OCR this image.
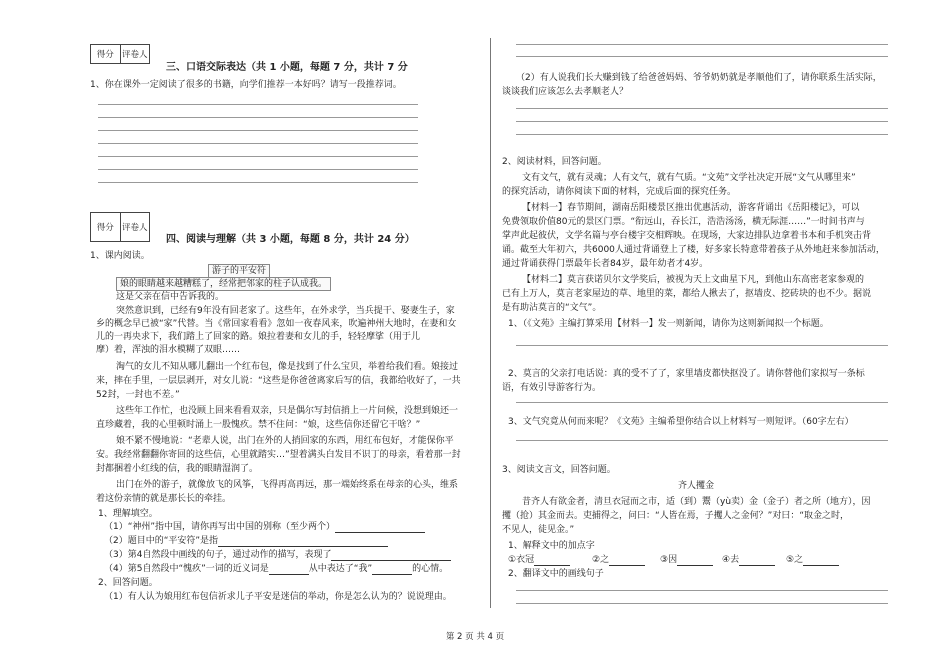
得分 评卷人
三、口语交际表达（共 1 小题，每题 7 分，共计 7 分
1、你在课外一定阅读了很多的书籍，向学们推荐一本好吗？请写一段推荐词。
得分 评卷人
四、阅读与理解（共 3 小题，每题 8 分，共计 24 分）
1、课内阅读。
游子的平安符
娘的眼睛越来越糟糕了，经常把邻家的柱子认成我。
这是父亲在信中告诉我的。
突然意识到，已经有9年没有回老家了。这些年，在外求学，当兵提干、娶妻生子，家
乡的概念早已被“家”代替。当《常回家看看》忽如一夜春风来，吹遍神州大地时，在妻和女
儿的一再央求下，我们踏上了回家的路。娘拉着妻和女儿的手，轻轻摩挲（用于儿
摩）着，浑浊的泪水模糊了双眼……
淘气的女儿不知从哪儿翻出一个红布包，像是找到了什么宝贝，举着给我们看。娘接过
来，摔在手里，一层层剥开，对女儿说：“这些是你爸爸离家后写的信，我都给收好了，一共
52封，一封也不差。”
这些年工作忙，也没顾上回来看看双亲，只是偶尔写封信捎上一片问候，没想到娘还一
直珍藏着，我的心里顿时涌上一股愧疚。禁不住问：“娘，这些信你还留它干啥？”
娘不紧不慢地说：“老辈人说，出门在外的人捎回家的东西，用红布包好，才能保你平
安。我经常翻翻你寄回的这些信，心里就踏实…”望着满头白发目不识丁的母亲，看着那一封
封都捆着小红线的信，我的眼睛湿润了。
出门在外的游子，就像放飞的风筝，飞得再高再远，那一端始终系在母亲的心头，维系
着这份亲情的就是那长长的牵挂。
1、理解填空。
（1）“神州”指中国，请你再写出中国的别称（至少两个）
（2）题目中的“平安符”是指
（3）第4自然段中画线的句子，通过动作的描写，表现了
（4）第5自然段中“愧疚”一词的近义词是	从中表达了“我”	的心情。
2、回答问题。
（1）有人认为娘用红布包信祈求儿子平安是迷信的举动，你是怎么认为的？说说理由。
（2）有人说我们长大赚到钱了给爸爸妈妈、爷爷奶奶就是孝顺他们了，请你联系生活实际，
谈谈我们应该怎么去孝顺老人？
2、阅读材料，回答问题。
文有文气，就有灵魂；人有文气，就有气质。“文苑”文学社决定开展“文气从哪里来”
的探究活动，请你阅读下面的材料，完成后面的探究任务。
【材料一】春节期间，湖南岳阳楼景区推出优惠活动，游客背诵出《岳阳楼记》，可以
免费领取价值80元的景区门票。“衔远山，吞长江，浩浩汤汤，横无际涯……”一时间书声与
掌声此起彼伏，文学名篇与亭台楼宇交相辉映。在现场，大家边排队边拿着书本和手机突击背
诵。截至大年初六，共6000人通过背诵登上了楼，好多家长特意带着孩子从外地赶来参加活动，
通过背诵获得门票最年长者84岁，最年幼者才4岁。
【材料二】莫言获诺贝尔文学奖后，被视为天上文曲星下凡，到他山东高密老家参观的
已有上万人，莫言老家屋边的草、地里的菜，都给人揪去了，抠墙皮、挖砖块的也不少。据说
是有助沾莫言的“文气”。
1、（《文苑》主编打算采用【材料一】发一则新闻，请你为这则新闻拟一个标题。
2、莫言的父亲打电话说：真的受不了了，家里墙皮都快抠没了。请你替他们家拟写一条标
语，有效引导游客行为。
3、文气究竟从何而来呢？《文苑》主编希望你结合以上材料写一则短评。（60字左右）
3、阅读文言文，回答问题。
齐人攫金
昔齐人有欲金者，清旦衣冠而之市，适（到）鬻（yù卖）金（金子）者之所（地方），因
攫（抢）其金而去。吏捕得之，问曰：“人皆在焉，子攫人之金何？”对曰：“取金之时，
不见人，徒见金。”
1、解释文中的加点字
①衣冠	②之	③因	④去	⑤之
2、翻译文中的画线句子
第 2 页 共 4 页
